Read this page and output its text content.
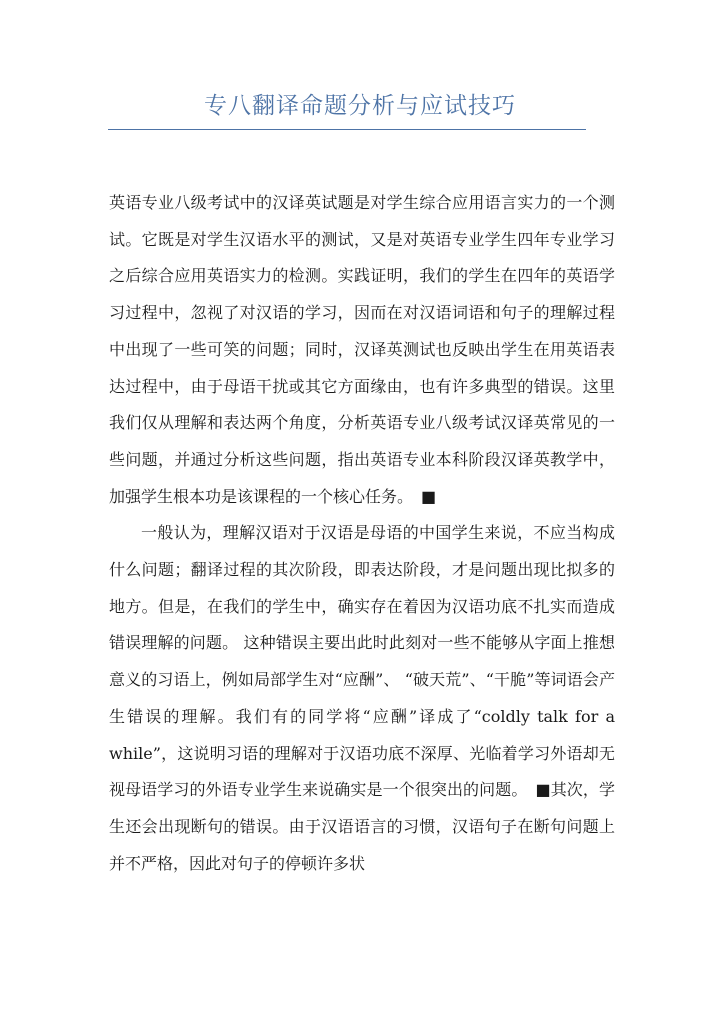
专八翻译命题分析与应试技巧

英语专业八级考试中的汉译英试题是对学生综合应用语言实力的一个测试。它既是对学生汉语水平的测试，又是对英语专业学生四年专业学习之后综合应用英语实力的检测。实践证明，我们的学生在四年的英语学习过程中，忽视了对汉语的学习，因而在对汉语词语和句子的理解过程中出现了一些可笑的问题；同时，汉译英测试也反映出学生在用英语表达过程中，由于母语干扰或其它方面缘由，也有许多典型的错误。这里我们仅从理解和表达两个角度，分析英语专业八级考试汉译英常见的一些问题，并通过分析这些问题，指出英语专业本科阶段汉译英教学中，加强学生根本功是该课程的一个核心任务。　■

一般认为，理解汉语对于汉语是母语的中国学生来说，不应当构成什么问题；翻译过程的其次阶段，即表达阶段，才是问题出现比拟多的地方。但是，在我们的学生中，确实存在着因为汉语功底不扎实而造成错误理解的问题。 这种错误主要出此时此刻对一些不能够从字面上推想意义的习语上，例如局部学生对“应酬”、 “破天荒”、“干脆”等词语会产生错误的理解。我们有的同学将“应酬”译成了“coldly talk for a while”，这说明习语的理解对于汉语功底不深厚、光临着学习外语却无视母语学习的外语专业学生来说确实是一个很突出的问题。　■其次，学生还会出现断句的错误。由于汉语语言的习惯，汉语句子在断句问题上并不严格，因此对句子的停顿许多状
